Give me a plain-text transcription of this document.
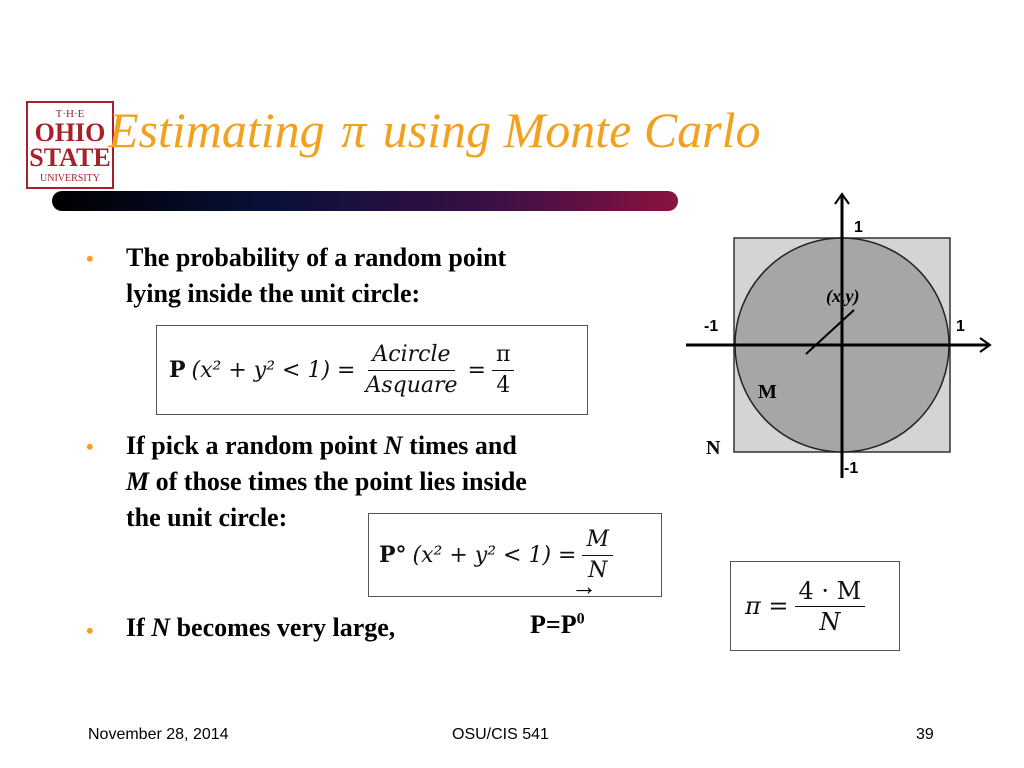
T·H·E
OHIO
STATE
UNIVERSITY
Estimating π using Monte Carlo
• The probability of a random point
lying inside the unit circle:
P $(x^2 + y^2 < 1) = \frac{\text{Acircle}}{\text{Asquare}} = \frac{\pi}{4}$
• If pick a random point N times and
M of those times the point lies inside
the unit circle:
P° $(x^2 + y^2 < 1) = \frac{M}{N}$
→
• If N becomes very large,	$P=P^0$	$\pi = \frac{4 \cdot M}{N}$
1
-1
-1	1
(x,y)
M
N
November 28, 2014	OSU/CIS 541	39
